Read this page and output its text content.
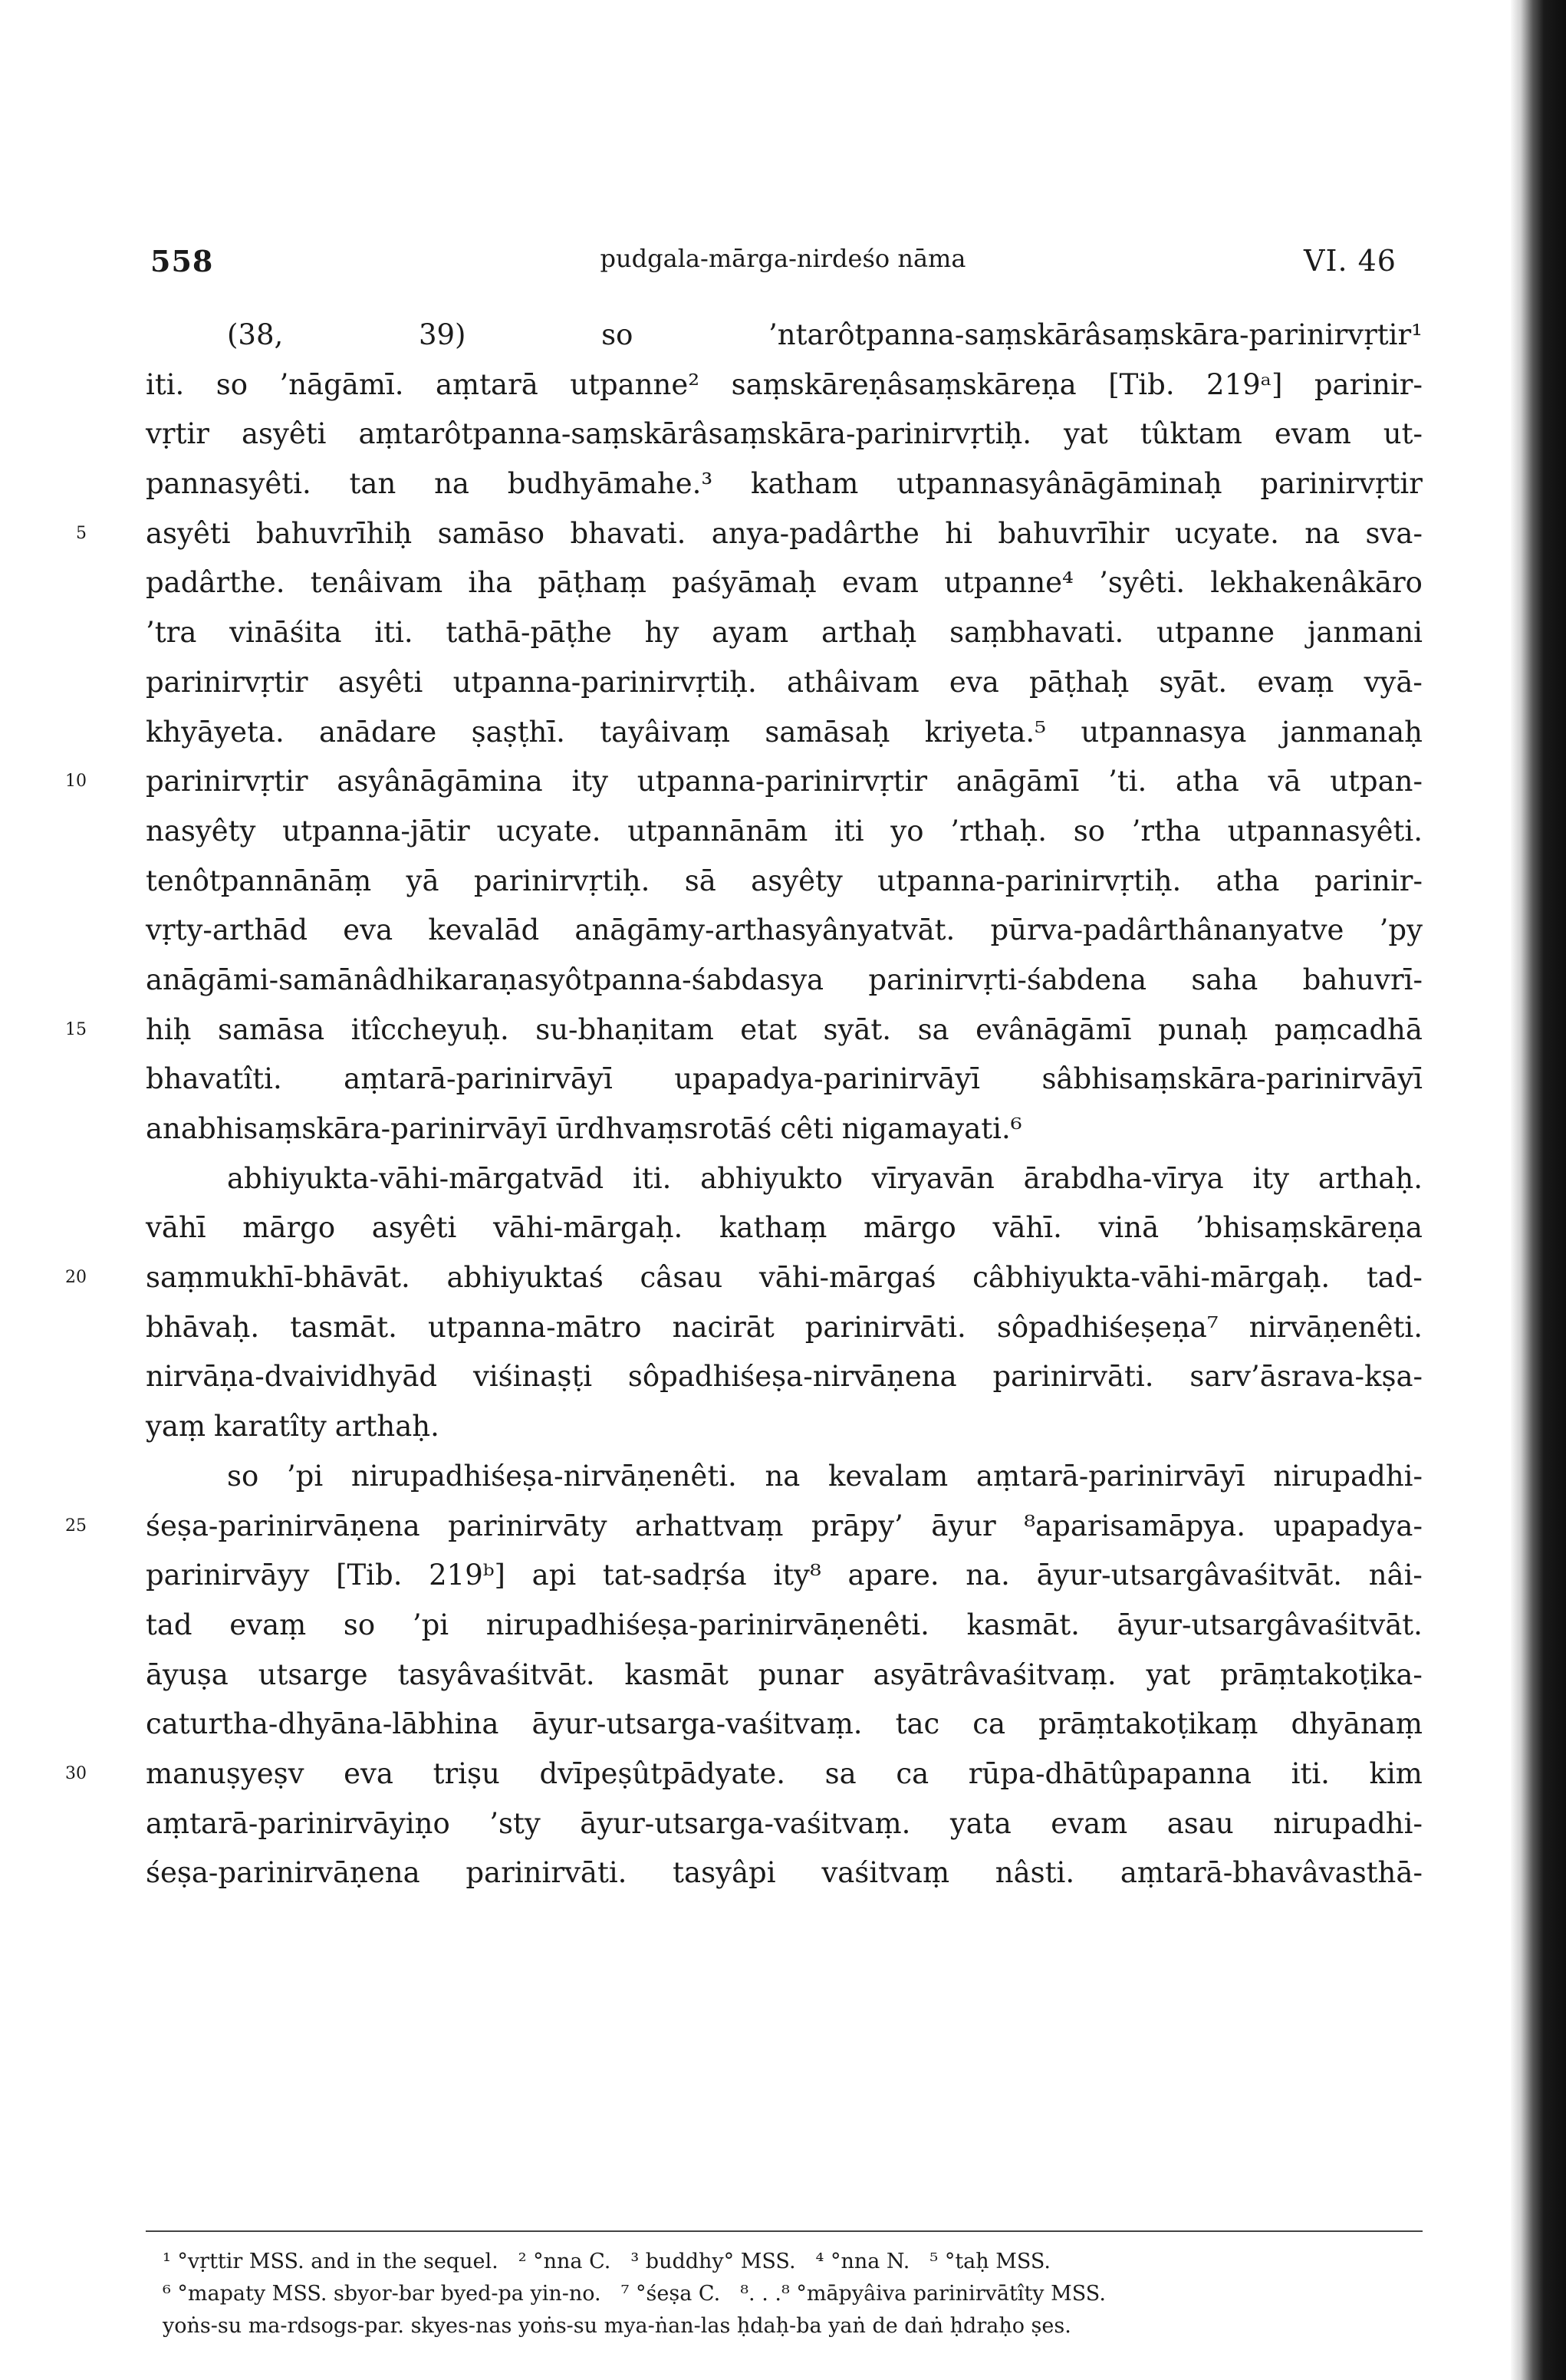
558	pudgala-mārga-nirdeśo nāma	VI. 46
(38,	39)	so	’ntarôtpanna-saṃskārâsaṃskāra-parinirvṛtir¹
iti. so ’nāgāmī. aṃtarā utpanne² saṃskāreṇâsaṃskāreṇa [Tib. 219ᵃ] parinir-
vṛtir asyêti aṃtarôtpanna-saṃskārâsaṃskāra-parinirvṛtiḥ. yat tûktam evam ut-
pannasyêti. tan na budhyāmahe.³ katham utpannasyânāgāminaḥ parinirvṛtir
5 asyêti bahuvrīhiḥ samāso bhavati. anya-padârthe hi bahuvrīhir ucyate. na sva-
padârthe. tenâivam iha pāṭhaṃ paśyāmaḥ evam utpanne⁴ ’syêti. lekhakenâkāro
’tra vināśita iti. tathā-pāṭhe hy ayam arthaḥ saṃbhavati. utpanne janmani
parinirvṛtir asyêti utpanna-parinirvṛtiḥ. athâivam eva pāṭhaḥ syāt. evaṃ vyā-
khyāyeta. anādare ṣaṣṭhī. tayâivaṃ samāsaḥ kriyeta.⁵ utpannasya janmanaḥ
10 parinirvṛtir asyânāgāmina ity utpanna-parinirvṛtir anāgāmī ’ti. atha vā utpan-
nasyêty utpanna-jātir ucyate. utpannānām iti yo ’rthaḥ. so ’rtha utpannasyêti.
tenôtpannānāṃ yā parinirvṛtiḥ. sā asyêty utpanna-parinirvṛtiḥ. atha parinir-
vṛty-arthād eva kevalād anāgāmy-arthasyânyatvāt. pūrva-padârthânanyatve ’py
anāgāmi-samānâdhikaraṇasyôtpanna-śabdasya parinirvṛti-śabdena saha bahuvrī-
15 hiḥ samāsa itîccheyuḥ. su-bhaṇitam etat syāt. sa evânāgāmī punaḥ paṃcadhā
bhavatîti. aṃtarā-parinirvāyī upapadya-parinirvāyī sâbhisaṃskāra-parinirvāyī
anabhisaṃskāra-parinirvāyī ūrdhvaṃsrotāś cêti nigamayati.⁶
abhiyukta-vāhi-mārgatvād iti. abhiyukto vīryavān ārabdha-vīrya ity arthaḥ.
vāhī mārgo asyêti vāhi-mārgaḥ. kathaṃ mārgo vāhī. vinā ’bhisaṃskāreṇa
20 saṃmukhī-bhāvāt. abhiyuktaś câsau vāhi-mārgaś câbhiyukta-vāhi-mārgaḥ. tad-
bhāvaḥ. tasmāt. utpanna-mātro nacirāt parinirvāti. sôpadhiśeṣeṇa⁷ nirvāṇenêti.
nirvāṇa-dvaividhyād viśinaṣṭi sôpadhiśeṣa-nirvāṇena parinirvāti. sarv’āsrava-kṣa-
yaṃ karatîty arthaḥ.
so ’pi nirupadhiśeṣa-nirvāṇenêti. na kevalam aṃtarā-parinirvāyī nirupadhi-
25 śeṣa-parinirvāṇena parinirvāty arhattvaṃ prāpy’ āyur ⁸aparisamāpya. upapadya-
parinirvāyy [Tib. 219ᵇ] api tat-sadṛśa ity⁸ apare. na. āyur-utsargâvaśitvāt. nâi-
tad evaṃ so ’pi nirupadhiśeṣa-parinirvāṇenêti. kasmāt. āyur-utsargâvaśitvāt.
āyuṣa utsarge tasyâvaśitvāt. kasmāt punar asyātrâvaśitvaṃ. yat prāṃtakoṭika-
caturtha-dhyāna-lābhina āyur-utsarga-vaśitvaṃ. tac ca prāṃtakoṭikaṃ dhyānaṃ
30 manuṣyeṣv eva triṣu dvīpeṣûtpādyate. sa ca rūpa-dhātûpapanna iti. kim
aṃtarā-parinirvāyiṇo ’sty āyur-utsarga-vaśitvaṃ. yata evam asau nirupadhi-
śeṣa-parinirvāṇena parinirvāti. tasyâpi vaśitvaṃ nâsti. aṃtarā-bhavâvasthā-
¹ °vṛttir MSS. and in the sequel. ² °nna C. ³ buddhy° MSS. ⁴ °nna N. ⁵ °taḥ MSS.
⁶ °mapaty MSS. sbyor-bar byed-pa yin-no. ⁷ °śeṣa C. ⁸. . .⁸ °māpyâiva parinirvātîty MSS.
yoṅs-su ma-rdsogs-par. skyes-nas yoṅs-su mya-ṅan-las ḥdaḥ-ba yaṅ de daṅ ḥdraḥo ṣes.
